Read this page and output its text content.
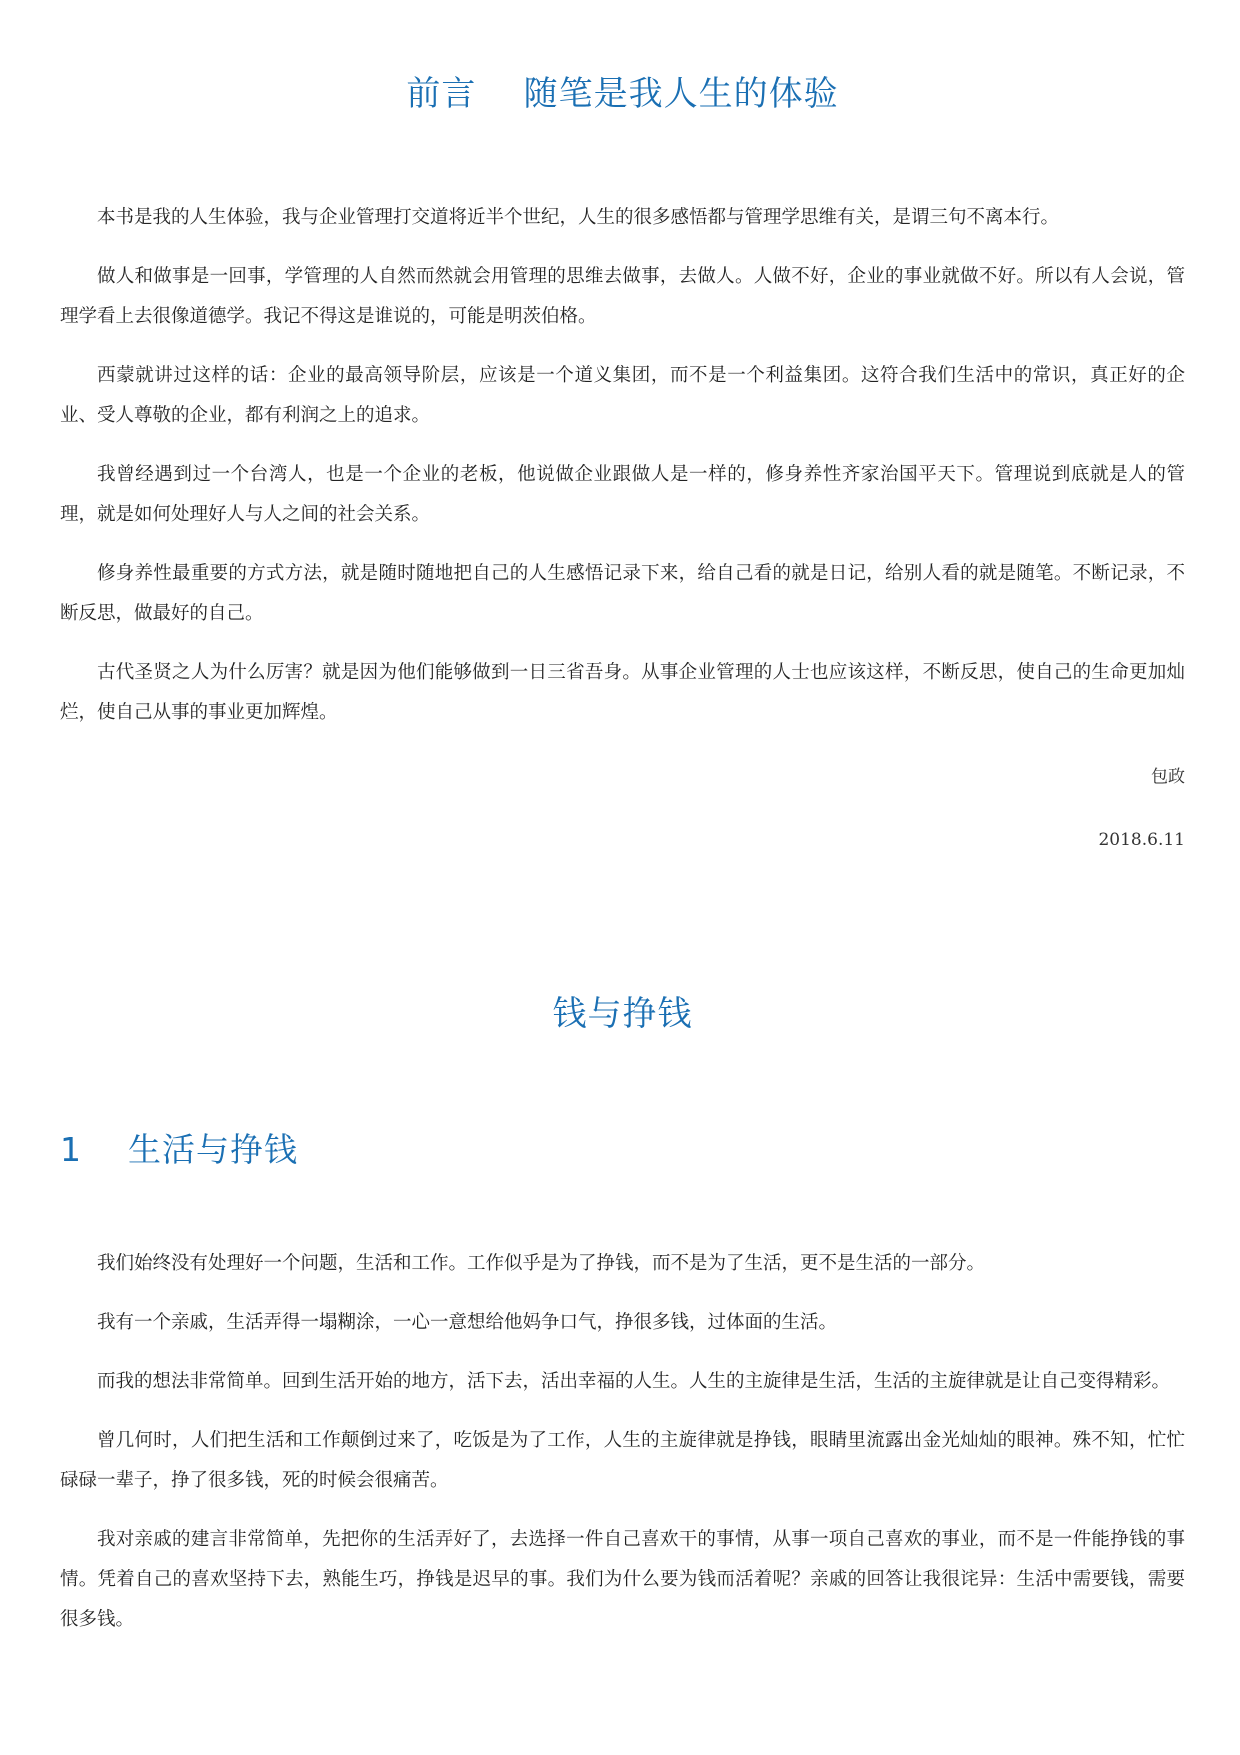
前言    随笔是我人生的体验

本书是我的人生体验，我与企业管理打交道将近半个世纪，人生的很多感悟都与管理学思维有关，是谓三句不离本行。

做人和做事是一回事，学管理的人自然而然就会用管理的思维去做事，去做人。人做不好，企业的事业就做不好。所以有人会说，管理学看上去很像道德学。我记不得这是谁说的，可能是明茨伯格。

西蒙就讲过这样的话：企业的最高领导阶层，应该是一个道义集团，而不是一个利益集团。这符合我们生活中的常识，真正好的企业、受人尊敬的企业，都有利润之上的追求。

我曾经遇到过一个台湾人，也是一个企业的老板，他说做企业跟做人是一样的，修身养性齐家治国平天下。管理说到底就是人的管理，就是如何处理好人与人之间的社会关系。

修身养性最重要的方式方法，就是随时随地把自己的人生感悟记录下来，给自己看的就是日记，给别人看的就是随笔。不断记录，不断反思，做最好的自己。

古代圣贤之人为什么厉害？就是因为他们能够做到一日三省吾身。从事企业管理的人士也应该这样，不断反思，使自己的生命更加灿烂，使自己从事的事业更加辉煌。

包政

2018.6.11

钱与挣钱
1    生活与挣钱

我们始终没有处理好一个问题，生活和工作。工作似乎是为了挣钱，而不是为了生活，更不是生活的一部分。

我有一个亲戚，生活弄得一塌糊涂，一心一意想给他妈争口气，挣很多钱，过体面的生活。

而我的想法非常简单。回到生活开始的地方，活下去，活出幸福的人生。人生的主旋律是生活，生活的主旋律就是让自己变得精彩。

曾几何时，人们把生活和工作颠倒过来了，吃饭是为了工作，人生的主旋律就是挣钱，眼睛里流露出金光灿灿的眼神。殊不知，忙忙碌碌一辈子，挣了很多钱，死的时候会很痛苦。

我对亲戚的建言非常简单，先把你的生活弄好了，去选择一件自己喜欢干的事情，从事一项自己喜欢的事业，而不是一件能挣钱的事情。凭着自己的喜欢坚持下去，熟能生巧，挣钱是迟早的事。我们为什么要为钱而活着呢？亲戚的回答让我很诧异：生活中需要钱，需要很多钱。
